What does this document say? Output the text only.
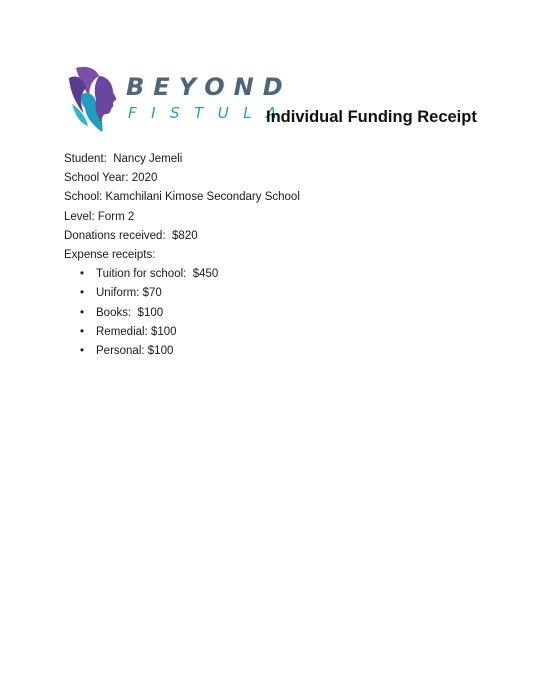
BEYOND
FISTULA
Individual Funding Receipt
Student:  Nancy Jemeli
School Year: 2020
School: Kamchilani Kimose Secondary School
Level: Form 2
Donations received:  $820
Expense receipts:
• Tuition for school:  $450
• Uniform: $70
• Books:  $100
• Remedial: $100
• Personal: $100
